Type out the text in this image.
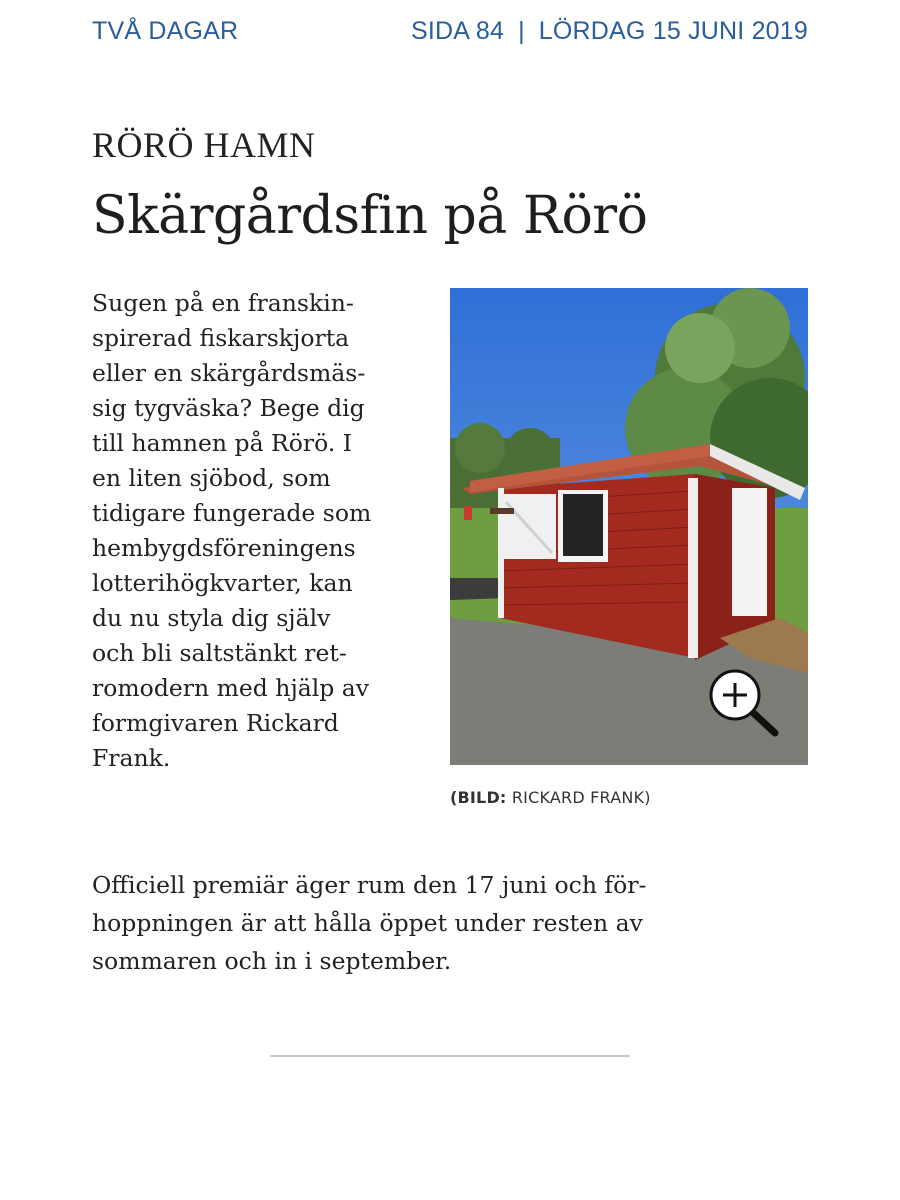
TVÅ DAGAR	SIDA 84 | LÖRDAG 15 JUNI 2019
RÖRÖ HAMN
Skärgårdsfin på Rörö
Sugen på en franskin-
spirerad fiskarskjorta
eller en skärgårdsmäs-
sig tygväska? Bege dig
till hamnen på Rörö. I
en liten sjöbod, som
tidigare fungerade som
hembygdsföreningens
lotterihögkvarter, kan
du nu styla dig själv
och bli saltstänkt ret-
romodern med hjälp av
formgivaren Rickard
Frank.
(BILD: RICKARD FRANK)
Officiell premiär äger rum den 17 juni och för-
hoppningen är att hålla öppet under resten av
sommaren och in i september.
